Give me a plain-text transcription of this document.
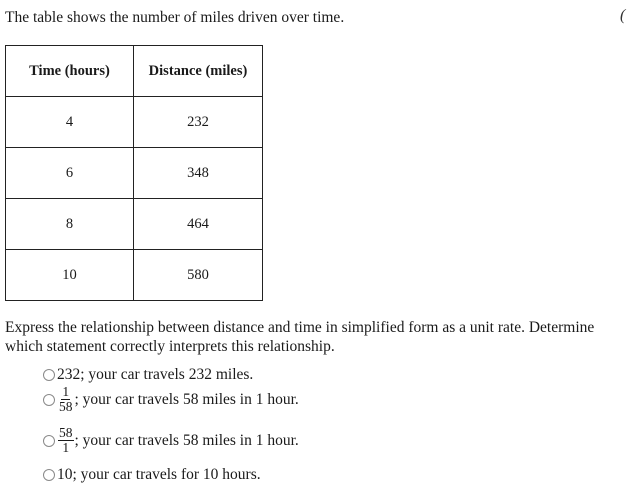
The table shows the number of miles driven over time.	(
Time (hours)	Distance (miles)
4	232
6	348
8	464
10	580
Express the relationship between distance and time in simplified form as a unit rate. Determine which statement correctly interprets this relationship.
232; your car travels 232 miles.
$\frac{1}{58}$ ; your car travels 58 miles in 1 hour.
$\frac{58}{1}$ ; your car travels 58 miles in 1 hour.
10; your car travels for 10 hours.
